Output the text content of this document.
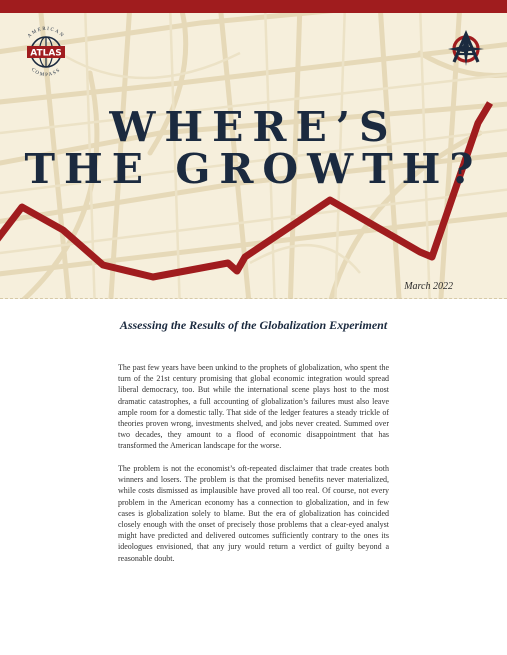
AMERICAN
ATLAS
COMPASS
WHERE’S
THE GROWTH?
March 2022
Assessing the Results of the Globalization Experiment

The past few years have been unkind to the prophets of globalization, who spent the turn of the 21st century promising that global economic integration would spread liberal democracy, too. But while the international scene plays host to the most dramatic catastrophes, a full accounting of globalization’s failures must also leave ample room for a domestic tally. That side of the ledger features a steady trickle of theories proven wrong, investments shelved, and jobs never created. Summed over two decades, they amount to a flood of economic disappointment that has transformed the American landscape for the worse.

The problem is not the economist’s oft-repeated disclaimer that trade creates both winners and losers. The problem is that the promised benefits never materialized, while costs dismissed as implausible have proved all too real. Of course, not every problem in the American economy has a connection to globalization, and in few cases is globalization solely to blame. But the era of globalization has coincided closely enough with the onset of precisely those problems that a clear-eyed analyst might have predicted and delivered outcomes sufficiently contrary to the ones its ideologues envisioned, that any jury would return a verdict of guilty beyond a reasonable doubt.
